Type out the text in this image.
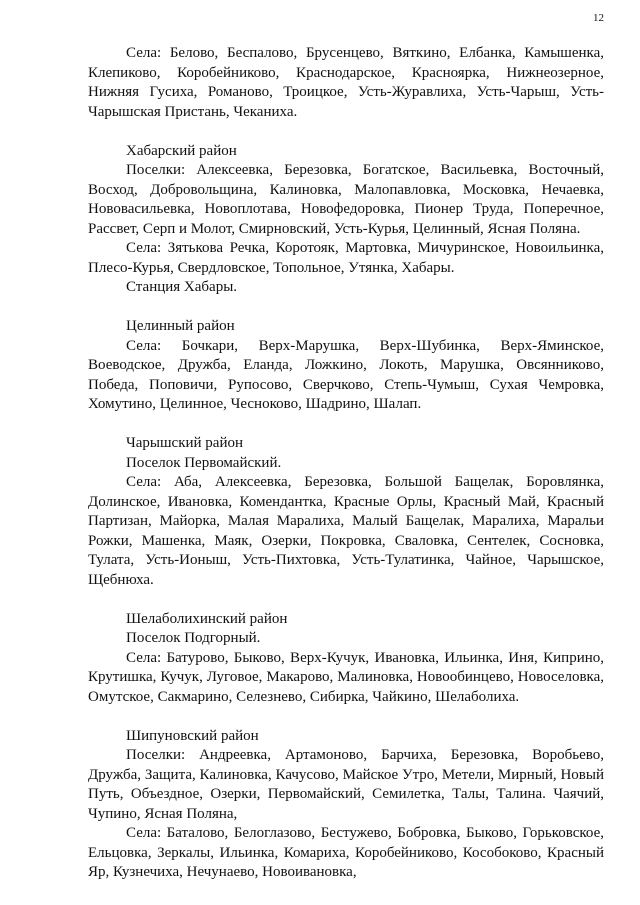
12

Села: Белово, Беспалово, Брусенцево, Вяткино, Елбанка, Камышенка, Клепиково, Коробейниково, Краснодарское, Красноярка, Нижнеозерное, Нижняя Гусиха, Романово, Троицкое, Усть-Журавлиха, Усть-Чарыш, Усть-Чарышская Пристань, Чеканиха.

Хабарский район

Поселки: Алексеевка, Березовка, Богатское, Васильевка, Восточный, Восход, Добровольщина, Калиновка, Малопавловка, Московка, Нечаевка, Нововасильевка, Новоплотава, Новофедоровка, Пионер Труда, Поперечное, Рассвет, Серп и Молот, Смирновский, Усть-Курья, Целинный, Ясная Поляна.

Села: Зятькова Речка, Коротояк, Мартовка, Мичуринское, Новоильинка, Плесо-Курья, Свердловское, Топольное, Утянка, Хабары.

Станция Хабары.

Целинный район

Села: Бочкари, Верх-Марушка, Верх-Шубинка, Верх-Яминское, Воеводское, Дружба, Еланда, Ложкино, Локоть, Марушка, Овсянниково, Победа, Поповичи, Рупосово, Сверчково, Степь-Чумыш, Сухая Чемровка, Хомутино, Целинное, Чесноково, Шадрино, Шалап.

Чарышский район

Поселок Первомайский.

Села: Аба, Алексеевка, Березовка, Большой Бащелак, Боровлянка, Долинское, Ивановка, Комендантка, Красные Орлы, Красный Май, Красный Партизан, Майорка, Малая Маралиха, Малый Бащелак, Маралиха, Маральи Рожки, Машенка, Маяк, Озерки, Покровка, Сваловка, Сентелек, Сосновка, Тулата, Усть-Ионыш, Усть-Пихтовка, Усть-Тулатинка, Чайное, Чарышское, Щебнюха.

Шелаболихинский район

Поселок Подгорный.

Села: Батурово, Быково, Верх-Кучук, Ивановка, Ильинка, Иня, Киприно, Крутишка, Кучук, Луговое, Макарово, Малиновка, Новообинцево, Новоселовка, Омутское, Сакмарино, Селезнево, Сибирка, Чайкино, Шелаболиха.

Шипуновский район

Поселки: Андреевка, Артамоново, Барчиха, Березовка, Воробьево, Дружба, Защита, Калиновка, Качусово, Майское Утро, Метели, Мирный, Новый Путь, Объездное, Озерки, Первомайский, Семилетка, Талы, Талина. Чаячий, Чупино, Ясная Поляна,

Села: Баталово, Белоглазово, Бестужево, Бобровка, Быково, Горьковское, Ельцовка, Зеркалы, Ильинка, Комариха, Коробейниково, Кособоково, Красный Яр, Кузнечиха, Нечунаево, Новоивановка,
